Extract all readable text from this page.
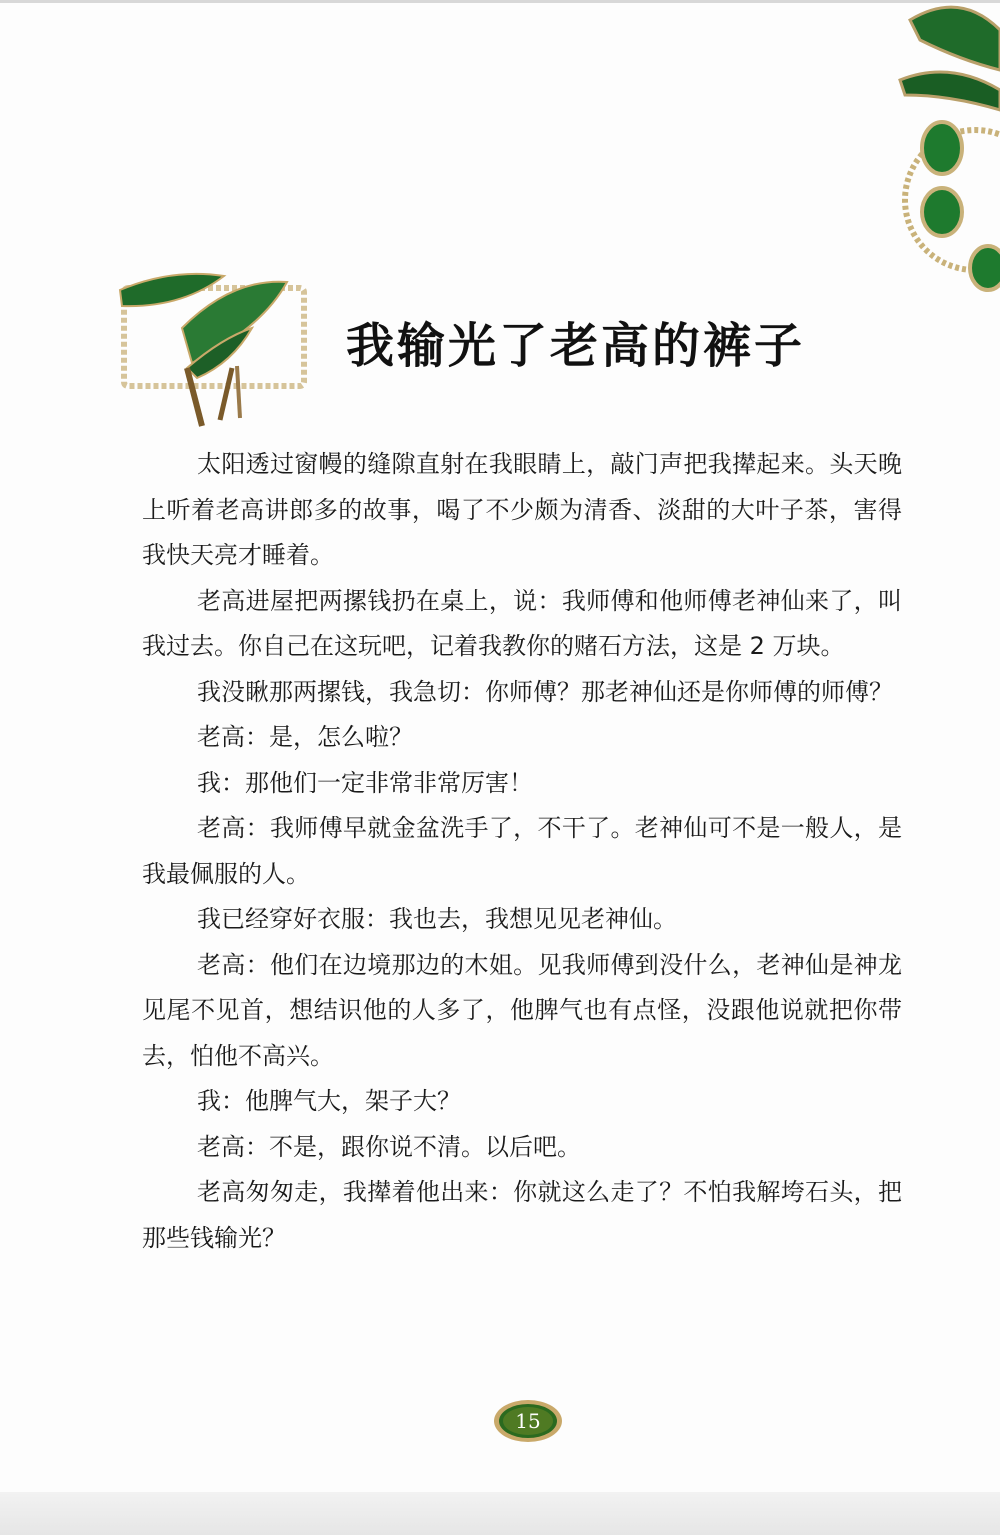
我输光了老高的裤子

太阳透过窗幔的缝隙直射在我眼睛上，敲门声把我撵起来。头天晚上听着老高讲郎多的故事，喝了不少颇为清香、淡甜的大叶子茶，害得我快天亮才睡着。

老高进屋把两摞钱扔在桌上，说：我师傅和他师傅老神仙来了，叫我过去。你自己在这玩吧，记着我教你的赌石方法，这是 2 万块。

我没瞅那两摞钱，我急切：你师傅？那老神仙还是你师傅的师傅？

老高：是，怎么啦？

我：那他们一定非常非常厉害！

老高：我师傅早就金盆洗手了，不干了。老神仙可不是一般人，是我最佩服的人。

我已经穿好衣服：我也去，我想见见老神仙。

老高：他们在边境那边的木姐。见我师傅到没什么，老神仙是神龙见尾不见首，想结识他的人多了，他脾气也有点怪，没跟他说就把你带去，怕他不高兴。

我：他脾气大，架子大？

老高：不是，跟你说不清。以后吧。

老高匆匆走，我撵着他出来：你就这么走了？不怕我解垮石头，把那些钱输光？

15
